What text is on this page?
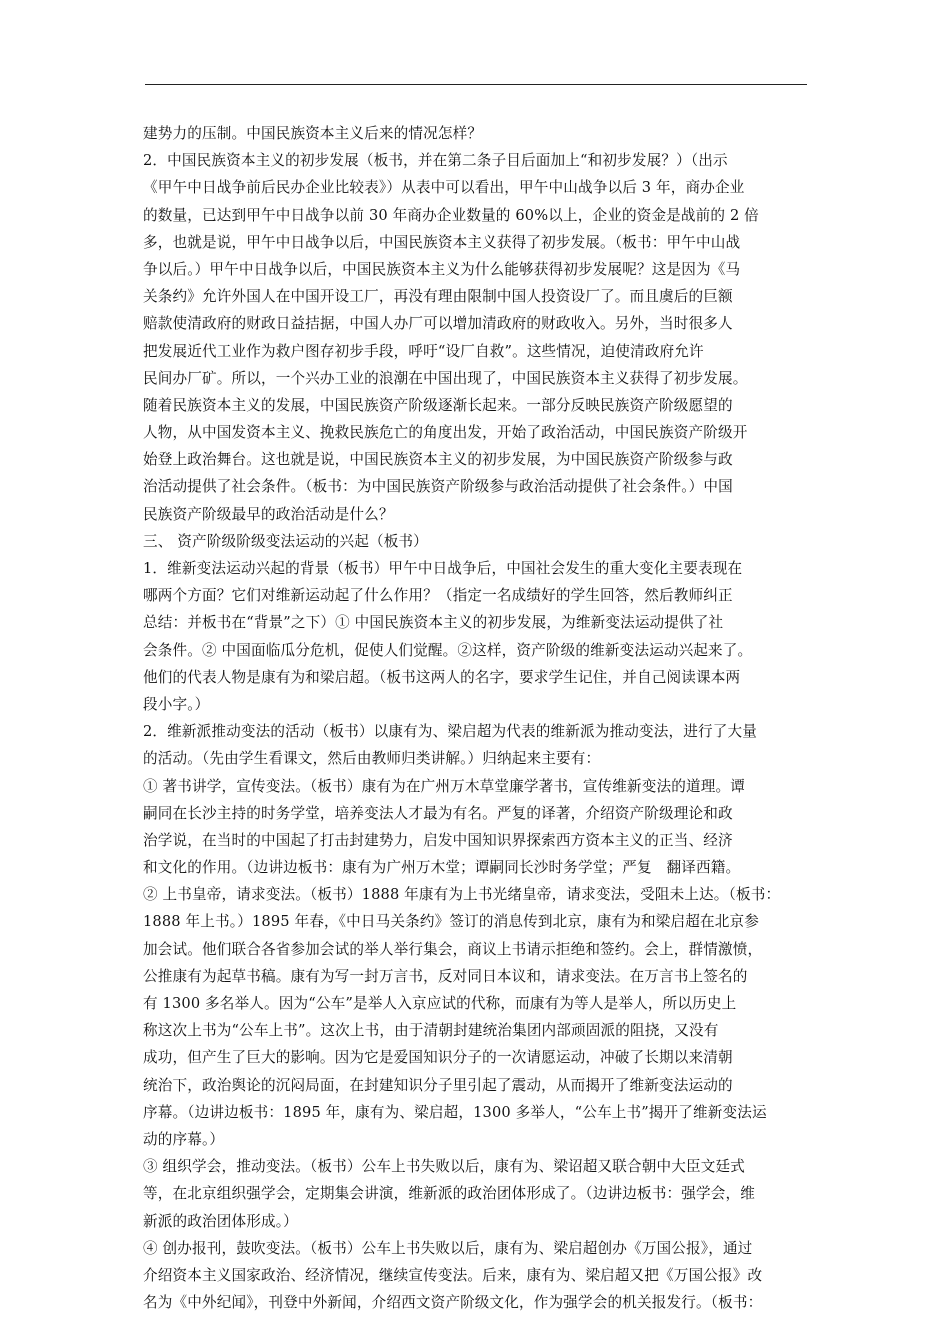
建势力的压制。中国民族资本主义后来的情况怎样？
2．中国民族资本主义的初步发展（板书，并在第二条子目后面加上“和初步发展？）（出示
《甲午中日战争前后民办企业比较表》）从表中可以看出，甲午中山战争以后 3 年，商办企业
的数量，已达到甲午中日战争以前 30 年商办企业数量的 60%以上，企业的资金是战前的 2 倍
多，也就是说，甲午中日战争以后，中国民族资本主义获得了初步发展。（板书：甲午中山战
争以后。）甲午中日战争以后，中国民族资本主义为什么能够获得初步发展呢？这是因为《马
关条约》允许外国人在中国开设工厂，再没有理由限制中国人投资设厂了。而且虞后的巨额
赔款使清政府的财政日益拮据，中国人办厂可以增加清政府的财政收入。另外，当时很多人
把发展近代工业作为救户图存初步手段，呼吁“设厂自救”。这些情况，迫使清政府允许
民间办厂矿。所以，一个兴办工业的浪潮在中国出现了，中国民族资本主义获得了初步发展。
随着民族资本主义的发展，中国民族资产阶级逐渐长起来。一部分反映民族资产阶级愿望的
人物，从中国发资本主义、挽救民族危亡的角度出发，开始了政治活动，中国民族资产阶级开
始登上政治舞台。这也就是说，中国民族资本主义的初步发展，为中国民族资产阶级参与政
治活动提供了社会条件。（板书：为中国民族资产阶级参与政治活动提供了社会条件。）中国
民族资产阶级最早的政治活动是什么？
三、 资产阶级阶级变法运动的兴起（板书）
1．维新变法运动兴起的背景（板书）甲午中日战争后，中国社会发生的重大变化主要表现在
哪两个方面？它们对维新运动起了什么作用？（指定一名成绩好的学生回答，然后教师纠正
总结：并板书在“背景”之下）① 中国民族资本主义的初步发展，为维新变法运动提供了社
会条件。② 中国面临瓜分危机，促使人们觉醒。②这样，资产阶级的维新变法运动兴起来了。
他们的代表人物是康有为和梁启超。（板书这两人的名字，要求学生记住，并自己阅读课本两
段小字。）
2．维新派推动变法的活动（板书）以康有为、梁启超为代表的维新派为推动变法，进行了大量
的活动。（先由学生看课文，然后由教师归类讲解。）归纳起来主要有：
① 著书讲学，宣传变法。（板书）康有为在广州万木草堂廉学著书，宣传维新变法的道理。谭
嗣同在长沙主持的时务学堂，培养变法人才最为有名。严复的译著，介绍资产阶级理论和政
治学说，在当时的中国起了打击封建势力，启发中国知识界探索西方资本主义的正当、经济
和文化的作用。（边讲边板书：康有为广州万木堂；谭嗣同长沙时务学堂；严复　翻译西籍。
② 上书皇帝，请求变法。（板书）1888 年康有为上书光绪皇帝，请求变法，受阻未上达。（板书：
1888 年上书。）1895 年春，《中日马关条约》签订的消息传到北京，康有为和梁启超在北京参
加会试。他们联合各省参加会试的举人举行集会，商议上书请示拒绝和签约。会上，群情激愤，
公推康有为起草书稿。康有为写一封万言书，反对同日本议和，请求变法。在万言书上签名的
有 1300 多名举人。因为“公车”是举人入京应试的代称，而康有为等人是举人，所以历史上
称这次上书为“公车上书”。这次上书，由于清朝封建统治集团内部顽固派的阻挠，又没有
成功，但产生了巨大的影响。因为它是爱国知识分子的一次请愿运动，冲破了长期以来清朝
统治下，政治舆论的沉闷局面，在封建知识分子里引起了震动，从而揭开了维新变法运动的
序幕。（边讲边板书：1895 年，康有为、梁启超，1300 多举人，“公车上书”揭开了维新变法运
动的序幕。）
③ 组织学会，推动变法。（板书）公车上书失败以后，康有为、梁诏超又联合朝中大臣文廷式
等，在北京组织强学会，定期集会讲演，维新派的政治团体形成了。（边讲边板书：强学会，维
新派的政治团体形成。）
④ 创办报刊，鼓吹变法。（板书）公车上书失败以后，康有为、梁启超创办《万国公报》，通过
介绍资本主义国家政治、经济情况，继续宣传变法。后来，康有为、梁启超又把《万国公报》改
名为《中外纪闻》，刊登中外新闻，介绍西文资产阶级文化，作为强学会的机关报发行。（板书：
